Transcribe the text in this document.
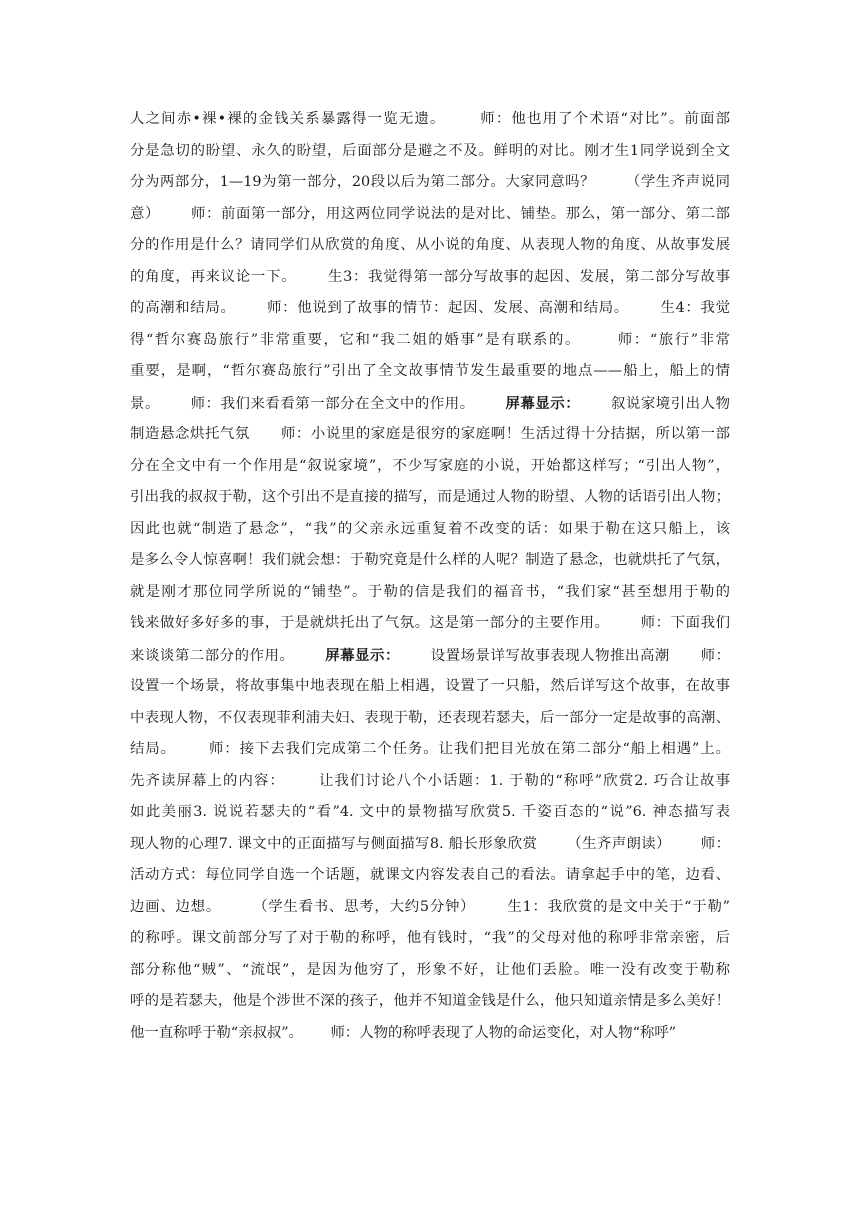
人之间赤•裸•裸的金钱关系暴露得一览无遗。      师：他也用了个术语“对比”。前面部
分是急切的盼望、永久的盼望，后面部分是避之不及。鲜明的对比。刚才生1同学说到全文
分为两部分，1—19为第一部分，20段以后为第二部分。大家同意吗？      （学生齐声说同
意）      师：前面第一部分，用这两位同学说法的是对比、铺垫。那么，第一部分、第二部
分的作用是什么？请同学们从欣赏的角度、从小说的角度、从表现人物的角度、从故事发展
的角度，再来议论一下。      生3：我觉得第一部分写故事的起因、发展，第二部分写故事
的高潮和结局。      师：他说到了故事的情节：起因、发展、高潮和结局。      生4：我觉
得“哲尔赛岛旅行”非常重要，它和“我二姐的婚事”是有联系的。      师：“旅行”非常
重要，是啊，“哲尔赛岛旅行”引出了全文故事情节发生最重要的地点——船上，船上的情
景。      师：我们来看看第一部分在全文中的作用。      屏幕显示：      叙说家境引出人物
制造悬念烘托气氛      师：小说里的家庭是很穷的家庭啊！生活过得十分拮据，所以第一部
分在全文中有一个作用是“叙说家境”，不少写家庭的小说，开始都这样写；“引出人物”，
引出我的叔叔于勒，这个引出不是直接的描写，而是通过人物的盼望、人物的话语引出人物；
因此也就“制造了悬念”，“我”的父亲永远重复着不改变的话：如果于勒在这只船上，该
是多么令人惊喜啊！我们就会想：于勒究竟是什么样的人呢？制造了悬念，也就烘托了气氛，
就是刚才那位同学所说的“铺垫”。于勒的信是我们的福音书，“我们家“甚至想用于勒的
钱来做好多好多的事，于是就烘托出了气氛。这是第一部分的主要作用。      师：下面我们
来谈谈第二部分的作用。      屏幕显示：      设置场景详写故事表现人物推出高潮      师：
设置一个场景，将故事集中地表现在船上相遇，设置了一只船，然后详写这个故事，在故事
中表现人物，不仅表现菲利浦夫妇、表现于勒，还表现若瑟夫，后一部分一定是故事的高潮、
结局。      师：接下去我们完成第二个任务。让我们把目光放在第二部分“船上相遇”上。
先齐读屏幕上的内容：      让我们讨论八个小话题：1. 于勒的“称呼”欣赏2. 巧合让故事
如此美丽3. 说说若瑟夫的“看”4. 文中的景物描写欣赏5. 千姿百态的“说”6. 神态描写表
现人物的心理7. 课文中的正面描写与侧面描写8. 船长形象欣赏      （生齐声朗读）      师：
活动方式：每位同学自选一个话题，就课文内容发表自己的看法。请拿起手中的笔，边看、
边画、边想。      （学生看书、思考，大约5分钟）      生1：我欣赏的是文中关于“于勒”
的称呼。课文前部分写了对于勒的称呼，他有钱时，“我”的父母对他的称呼非常亲密，后
部分称他“贼”、“流氓”，是因为他穷了，形象不好，让他们丢脸。唯一没有改变于勒称
呼的是若瑟夫，他是个涉世不深的孩子，他并不知道金钱是什么，他只知道亲情是多么美好！
他一直称呼于勒“亲叔叔”。      师：人物的称呼表现了人物的命运变化，对人物“称呼”
